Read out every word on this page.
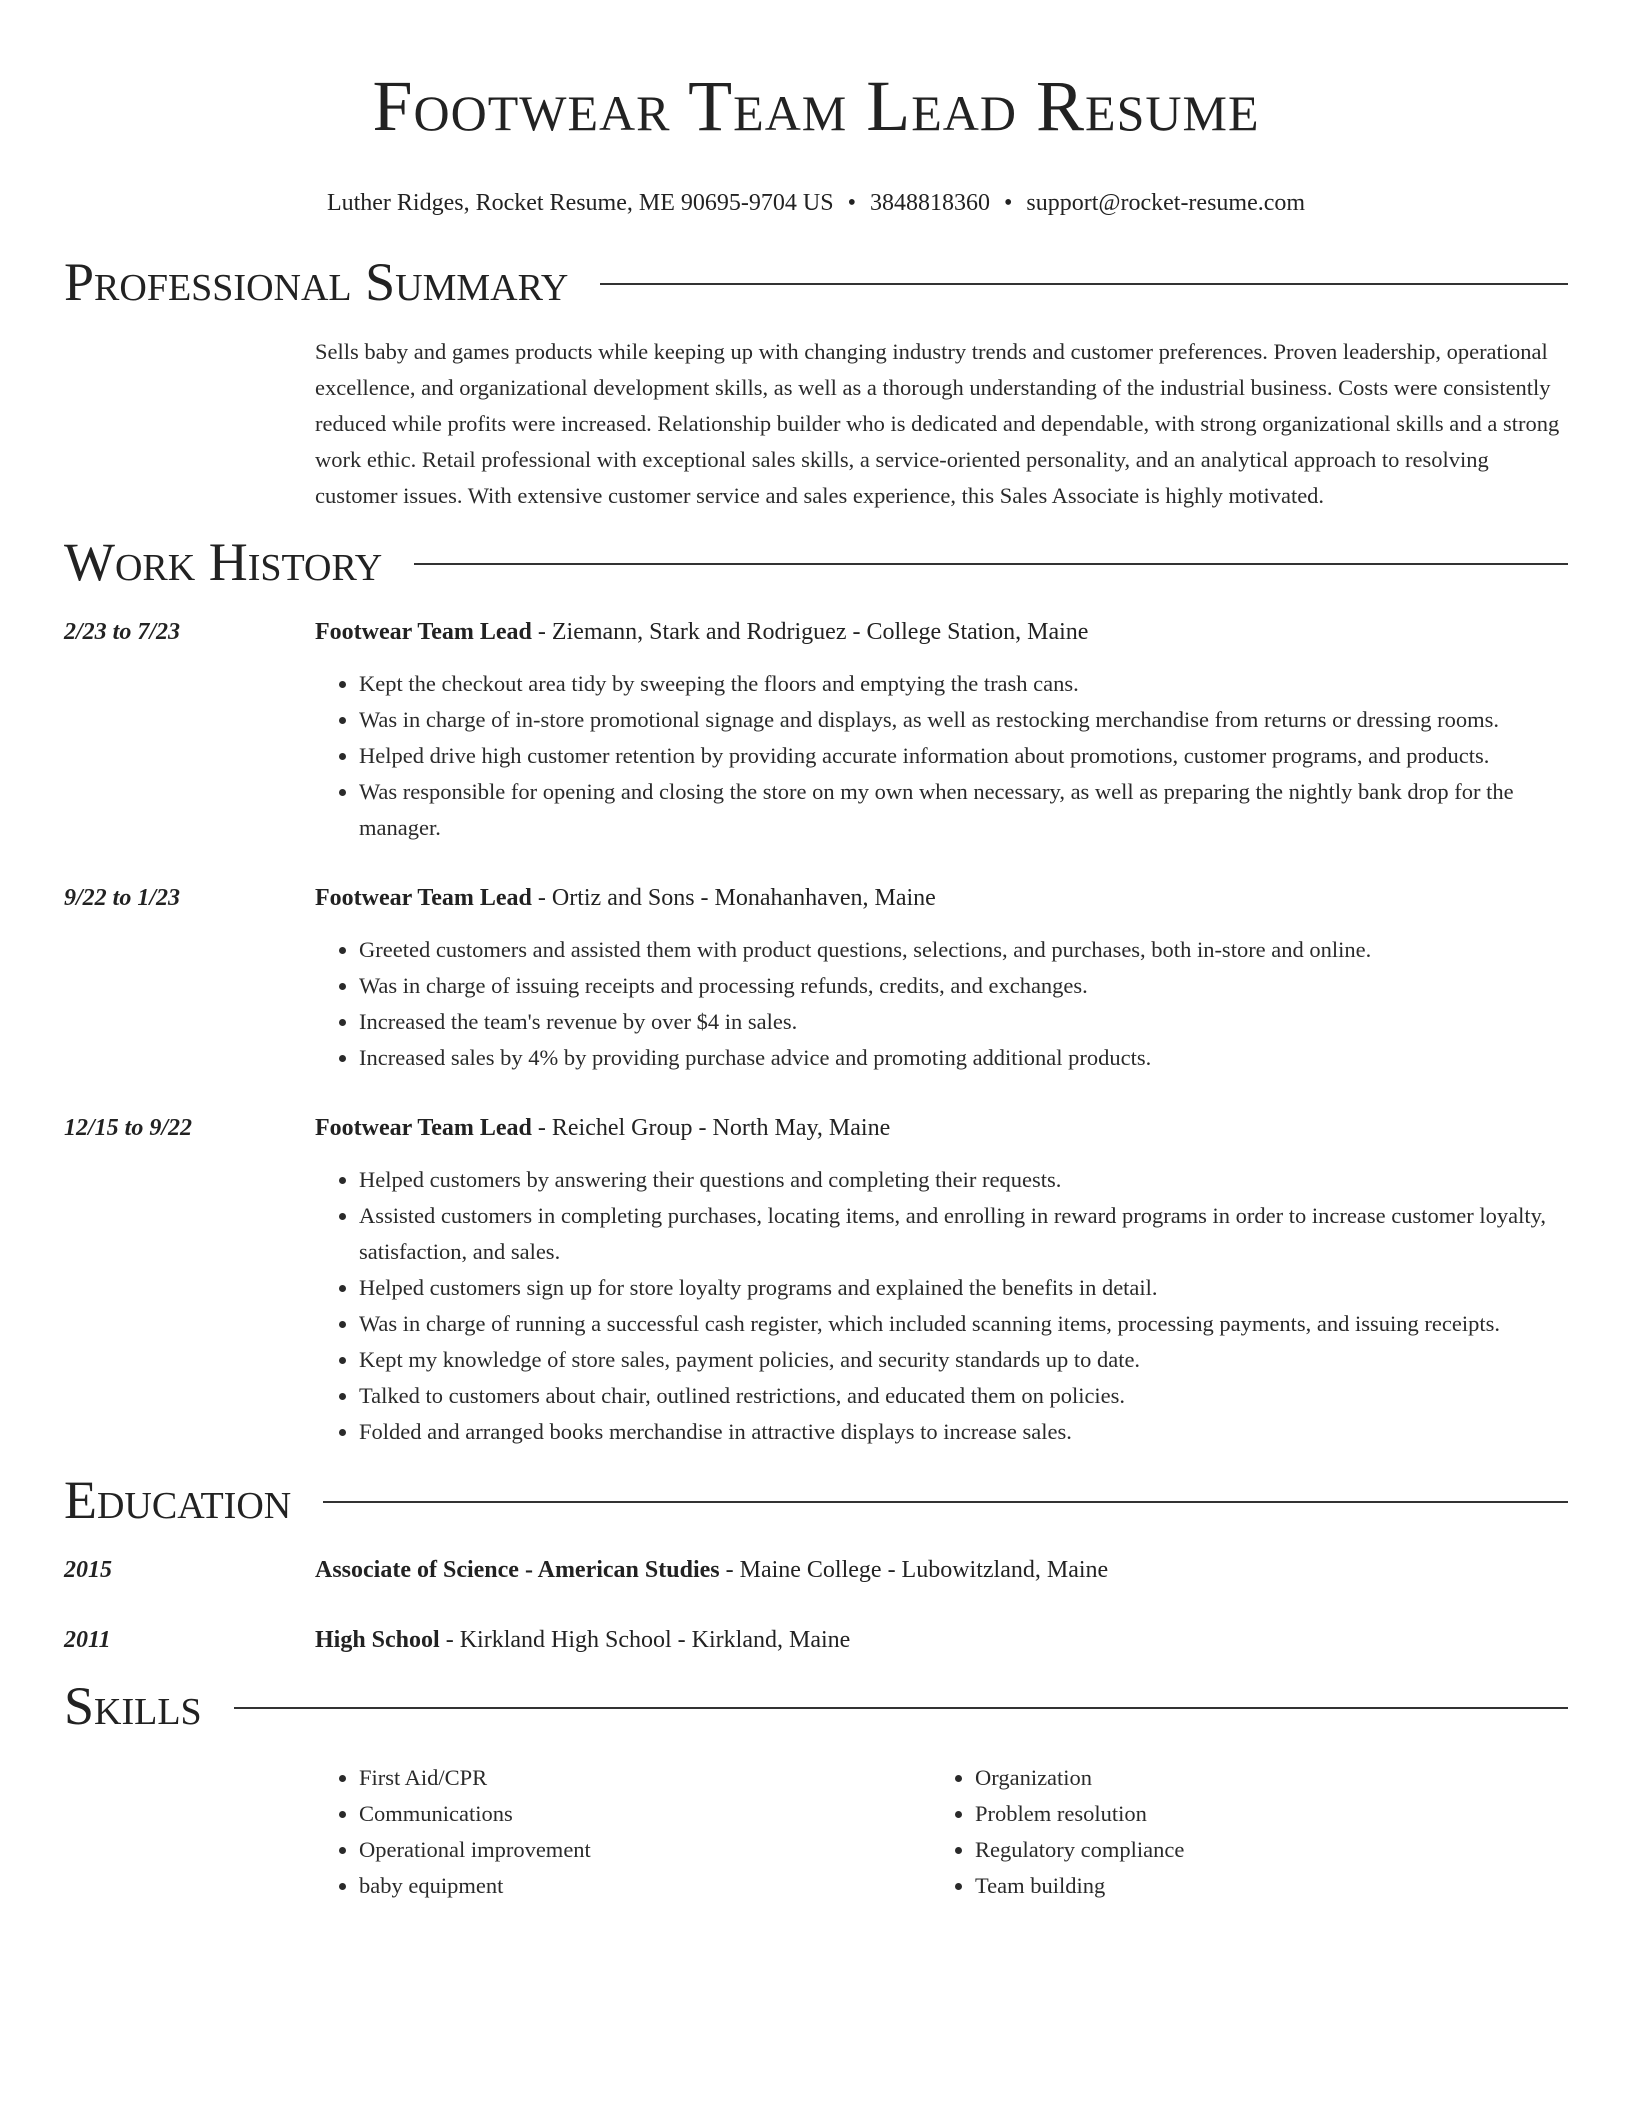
Footwear Team Lead Resume
Luther Ridges, Rocket Resume, ME 90695-9704 US • 3848818360 • support@rocket-resume.com
Professional Summary

Sells baby and games products while keeping up with changing industry trends and customer preferences. Proven leadership, operational excellence, and organizational development skills, as well as a thorough understanding of the industrial business. Costs were consistently reduced while profits were increased. Relationship builder who is dedicated and dependable, with strong organizational skills and a strong work ethic. Retail professional with exceptional sales skills, a service-oriented personality, and an analytical approach to resolving customer issues. With extensive customer service and sales experience, this Sales Associate is highly motivated.

Work History
2/23 to 7/23	Footwear Team Lead - Ziemann, Stark and Rodriguez - College Station, Maine
• Kept the checkout area tidy by sweeping the floors and emptying the trash cans.
• Was in charge of in-store promotional signage and displays, as well as restocking merchandise from returns or dressing rooms.
• Helped drive high customer retention by providing accurate information about promotions, customer programs, and products.
• Was responsible for opening and closing the store on my own when necessary, as well as preparing the nightly bank drop for the manager.
9/22 to 1/23	Footwear Team Lead - Ortiz and Sons - Monahanhaven, Maine
• Greeted customers and assisted them with product questions, selections, and purchases, both in-store and online.
• Was in charge of issuing receipts and processing refunds, credits, and exchanges.
• Increased the team's revenue by over $4 in sales.
• Increased sales by 4% by providing purchase advice and promoting additional products.
12/15 to 9/22	Footwear Team Lead - Reichel Group - North May, Maine
• Helped customers by answering their questions and completing their requests.
• Assisted customers in completing purchases, locating items, and enrolling in reward programs in order to increase customer loyalty, satisfaction, and sales.
• Helped customers sign up for store loyalty programs and explained the benefits in detail.
• Was in charge of running a successful cash register, which included scanning items, processing payments, and issuing receipts.
• Kept my knowledge of store sales, payment policies, and security standards up to date.
• Talked to customers about chair, outlined restrictions, and educated them on policies.
• Folded and arranged books merchandise in attractive displays to increase sales.
Education
2015	Associate of Science - American Studies - Maine College - Lubowitzland, Maine
2011	High School - Kirkland High School - Kirkland, Maine
Skills
• First Aid/CPR
• Communications
• Operational improvement
• baby equipment
• Organization
• Problem resolution
• Regulatory compliance
• Team building
